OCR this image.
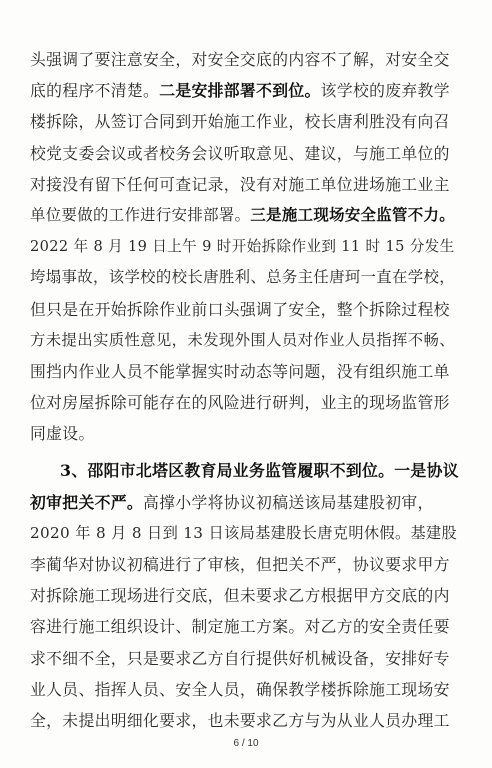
头强调了要注意安全，对安全交底的内容不了解，对安全交
底的程序不清楚。二是安排部署不到位。该学校的废弃教学
楼拆除，从签订合同到开始施工作业，校长唐利胜没有向召
校党支委会议或者校务会议听取意见、建议，与施工单位的
对接没有留下任何可查记录，没有对施工单位进场施工业主
单位要做的工作进行安排部署。三是施工现场安全监管不力。
2022 年 8 月 19 日上午 9 时开始拆除作业到 11 时 15 分发生
垮塌事故，该学校的校长唐胜利、总务主任唐珂一直在学校，
但只是在开始拆除作业前口头强调了安全，整个拆除过程校
方未提出实质性意见，未发现外围人员对作业人员指挥不畅、
围挡内作业人员不能掌握实时动态等问题，没有组织施工单
位对房屋拆除可能存在的风险进行研判，业主的现场监管形
同虚设。
3、邵阳市北塔区教育局业务监管履职不到位。一是协议
初审把关不严。高撑小学将协议初稿送该局基建股初审，
2020 年 8 月 8 日到 13 日该局基建股长唐克明休假。基建股
李蔺华对协议初稿进行了审核，但把关不严，协议要求甲方
对拆除施工现场进行交底，但未要求乙方根据甲方交底的内
容进行施工组织设计、制定施工方案。对乙方的安全责任要
求不细不全，只是要求乙方自行提供好机械设备，安排好专
业人员、指挥人员、安全人员，确保教学楼拆除施工现场安
全，未提出明细化要求，也未要求乙方与为从业人员办理工
6 / 10
